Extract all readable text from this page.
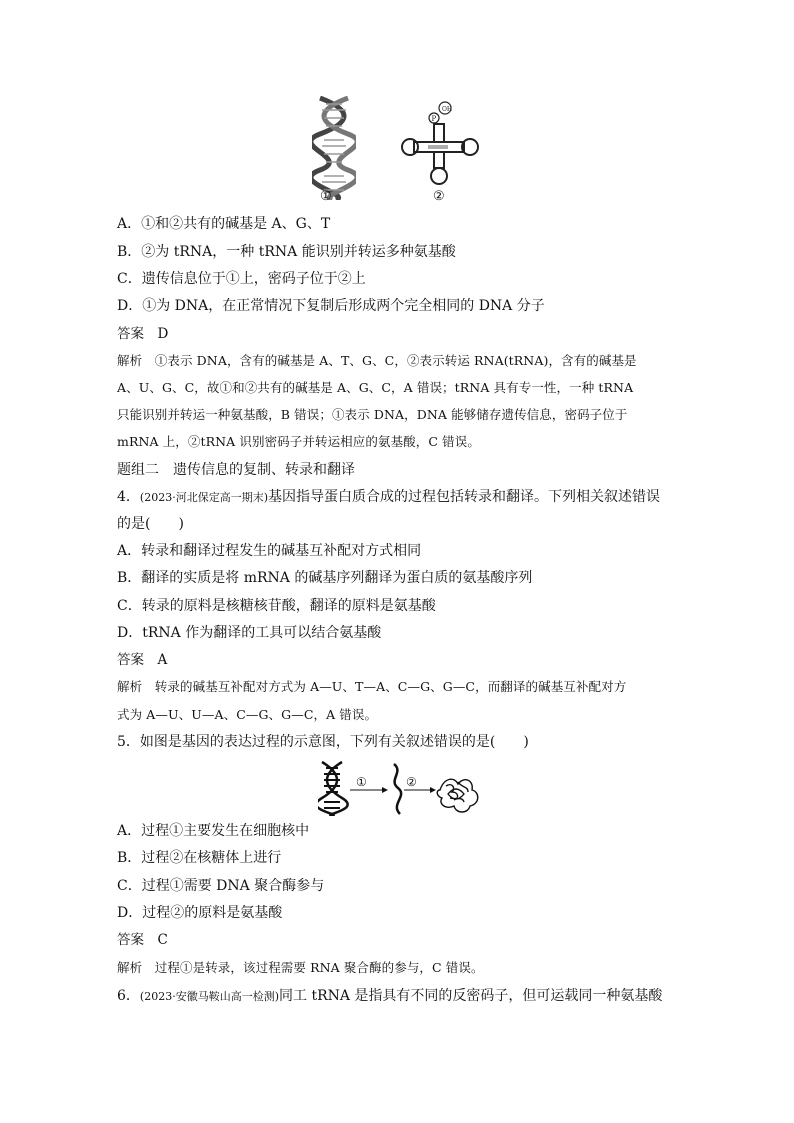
①
OH
P
②
A．①和②共有的碱基是 A、G、T
B．②为 tRNA，一种 tRNA 能识别并转运多种氨基酸
C．遗传信息位于①上，密码子位于②上
D．①为 DNA，在正常情况下复制后形成两个完全相同的 DNA 分子
答案　D
解析　①表示 DNA，含有的碱基是 A、T、G、C，②表示转运 RNA(tRNA)，含有的碱基是
A、U、G、C，故①和②共有的碱基是 A、G、C，A 错误；tRNA 具有专一性，一种 tRNA
只能识别并转运一种氨基酸，B 错误；①表示 DNA，DNA 能够储存遗传信息，密码子位于
mRNA 上，②tRNA 识别密码子并转运相应的氨基酸，C 错误。
题组二　遗传信息的复制、转录和翻译
4．(2023·河北保定高一期末)基因指导蛋白质合成的过程包括转录和翻译。下列相关叙述错误
的是(　　)
A．转录和翻译过程发生的碱基互补配对方式相同
B．翻译的实质是将 mRNA 的碱基序列翻译为蛋白质的氨基酸序列
C．转录的原料是核糖核苷酸，翻译的原料是氨基酸
D．tRNA 作为翻译的工具可以结合氨基酸
答案　A
解析　转录的碱基互补配对方式为 A—U、T—A、C—G、G—C，而翻译的碱基互补配对方
式为 A—U、U—A、C—G、G—C，A 错误。
5．如图是基因的表达过程的示意图，下列有关叙述错误的是(　　)
①	②
A．过程①主要发生在细胞核中
B．过程②在核糖体上进行
C．过程①需要 DNA 聚合酶参与
D．过程②的原料是氨基酸
答案　C
解析　过程①是转录，该过程需要 RNA 聚合酶的参与，C 错误。
6．(2023·安徽马鞍山高一检测)同工 tRNA 是指具有不同的反密码子，但可运载同一种氨基酸
